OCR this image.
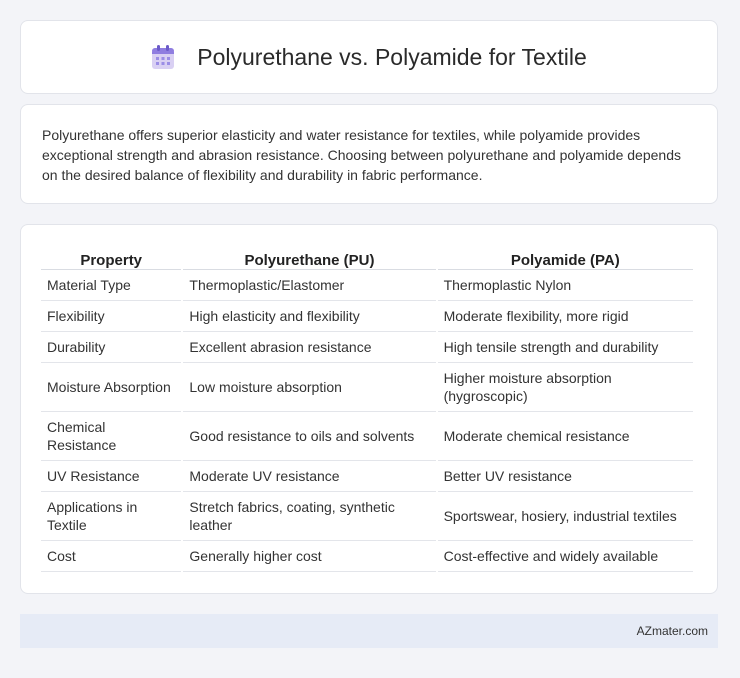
Polyurethane vs. Polyamide for Textile

Polyurethane offers superior elasticity and water resistance for textiles, while polyamide provides exceptional strength and abrasion resistance. Choosing between polyurethane and polyamide depends on the desired balance of flexibility and durability in fabric performance.

Property	Polyurethane (PU)	Polyamide (PA)
Material Type	Thermoplastic/Elastomer	Thermoplastic Nylon
Flexibility	High elasticity and flexibility	Moderate flexibility, more rigid
Durability	Excellent abrasion resistance	High tensile strength and durability
Moisture Absorption	Low moisture absorption	Higher moisture absorption (hygroscopic)
Chemical Resistance	Good resistance to oils and solvents	Moderate chemical resistance
UV Resistance	Moderate UV resistance	Better UV resistance
Applications in Textile	Stretch fabrics, coating, synthetic leather	Sportswear, hosiery, industrial textiles
Cost	Generally higher cost	Cost-effective and widely available
AZmater.com
